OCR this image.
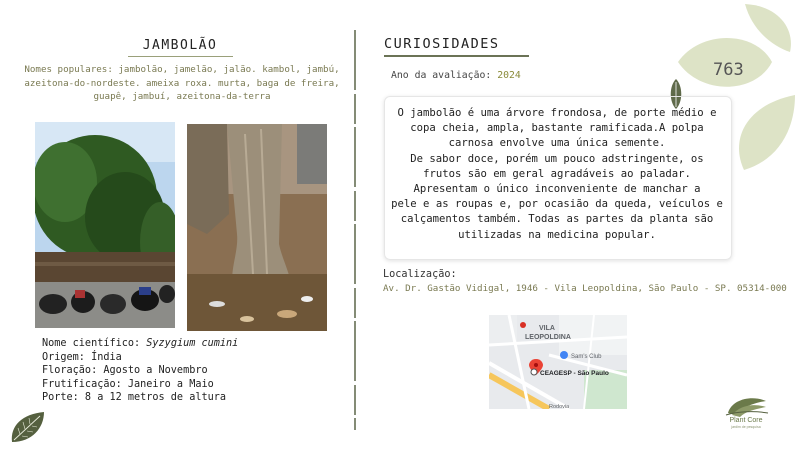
763
JAMBOLÃO
Nomes populares: jambolão, jamelão, jalão. kambol, jambú, azeitona-do-nordeste. ameixa roxa. murta, baga de freira, guapê, jambuí, azeitona-da-terra
Nome científico: Syzygium cumini
Origem: Índia
Floração: Agosto a Novembro
Frutificação: Janeiro a Maio
Porte: 8 a 12 metros de altura
CURIOSIDADES
Ano da avaliação: 2024
O jambolão é uma árvore frondosa, de porte médio e
copa cheia, ampla, bastante ramificada.A polpa
carnosa envolve uma única semente.
De sabor doce, porém um pouco adstringente, os
frutos são em geral agradáveis ao paladar.
Apresentam o único inconveniente de manchar a
pele e as roupas e, por ocasião da queda, veículos e
calçamentos também. Todas as partes da planta são
utilizadas na medicina popular.
Localização:
Av. Dr. Gastão Vidigal, 1946 - Vila Leopoldina, São Paulo - SP. 05314-000
Sam's Club
VILA
LEOPOLDINA
CEAGESP - São Paulo
Rodovia
Plant Core
jardim de pesquisa
